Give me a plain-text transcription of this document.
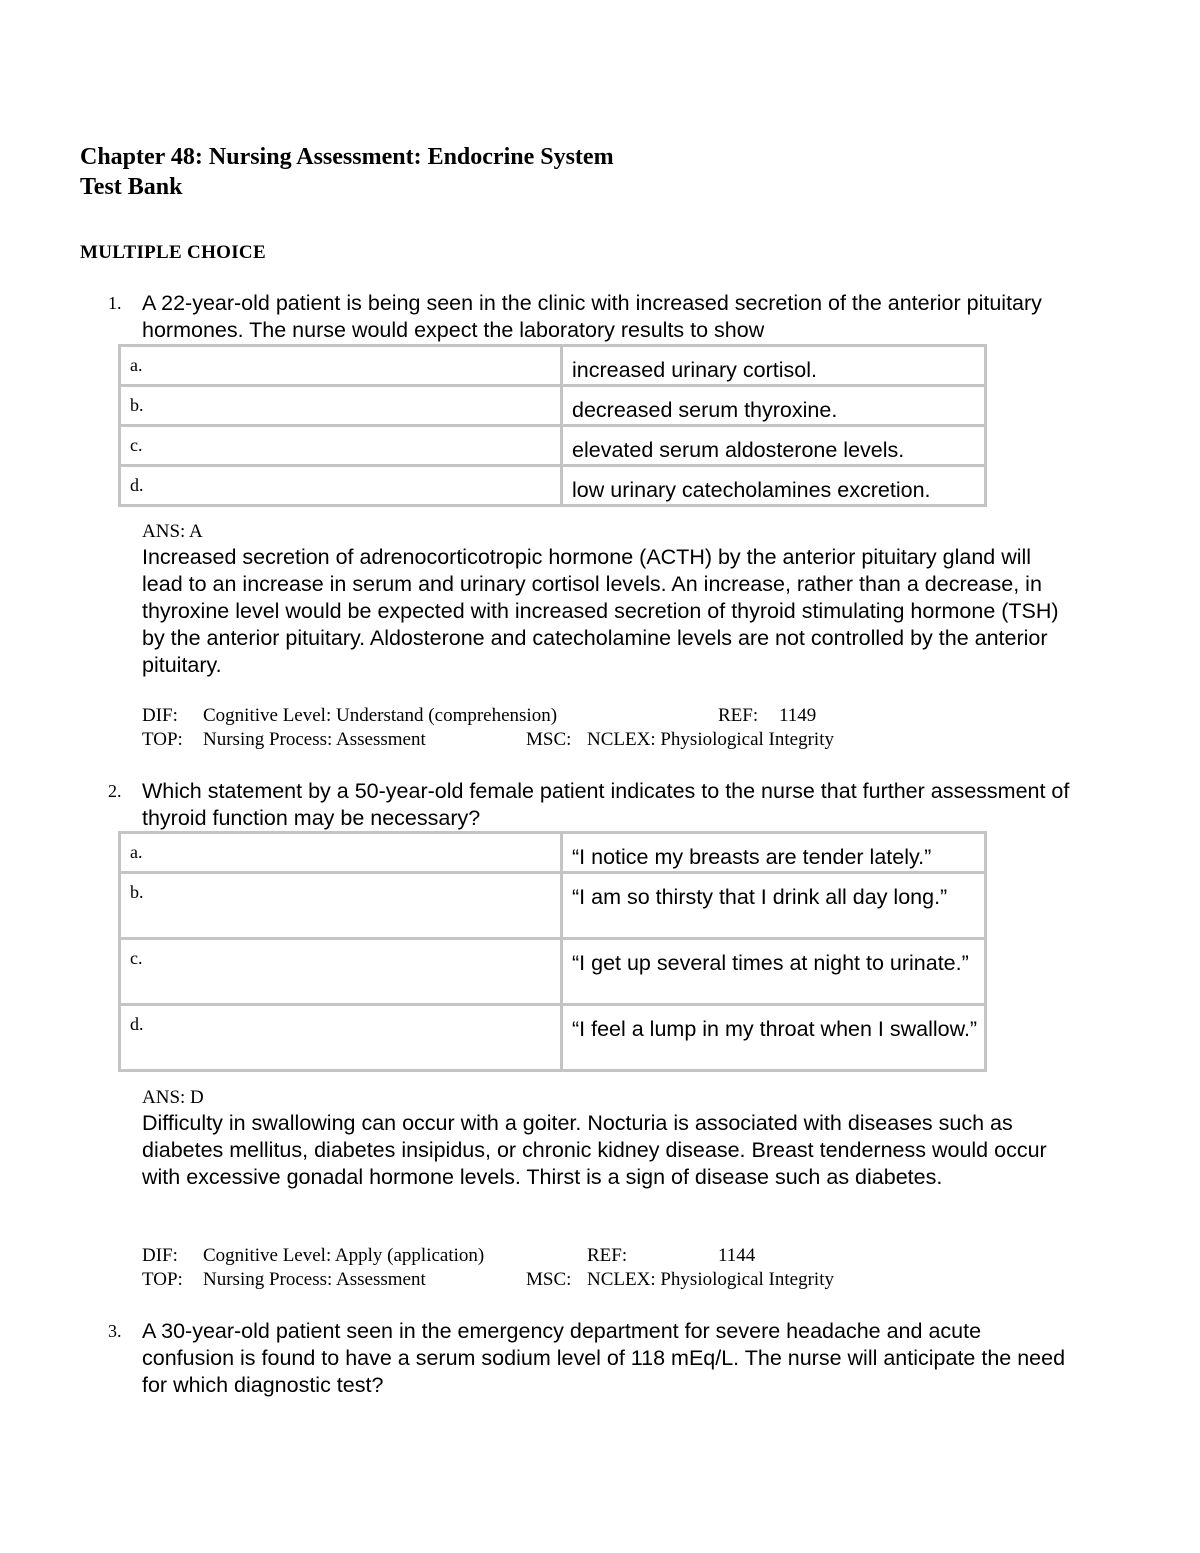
Chapter 48: Nursing Assessment: Endocrine System
Test Bank
MULTIPLE CHOICE
1. A 22-year-old patient is being seen in the clinic with increased secretion of the anterior pituitary hormones. The nurse would expect the laboratory results to show
a.	increased urinary cortisol.
b.	decreased serum thyroxine.
c.	elevated serum aldosterone levels.
d.	low urinary catecholamines excretion.
ANS: A
Increased secretion of adrenocorticotropic hormone (ACTH) by the anterior pituitary gland will lead to an increase in serum and urinary cortisol levels. An increase, rather than a decrease, in thyroxine level would be expected with increased secretion of thyroid stimulating hormone (TSH) by the anterior pituitary. Aldosterone and catecholamine levels are not controlled by the anterior pituitary.
DIF: Cognitive Level: Understand (comprehension)	REF: 1149
TOP: Nursing Process: Assessment	MSC: NCLEX: Physiological Integrity
2. Which statement by a 50-year-old female patient indicates to the nurse that further assessment of thyroid function may be necessary?
a.	“I notice my breasts are tender lately.”
b.	“I am so thirsty that I drink all day long.”
c.	“I get up several times at night to urinate.”
d.	“I feel a lump in my throat when I swallow.”
ANS: D
Difficulty in swallowing can occur with a goiter. Nocturia is associated with diseases such as diabetes mellitus, diabetes insipidus, or chronic kidney disease. Breast tenderness would occur with excessive gonadal hormone levels. Thirst is a sign of disease such as diabetes.
DIF: Cognitive Level: Apply (application)	REF:	1144
TOP: Nursing Process: Assessment	MSC: NCLEX: Physiological Integrity
3. A 30-year-old patient seen in the emergency department for severe headache and acute confusion is found to have a serum sodium level of 118 mEq/L. The nurse will anticipate the need for which diagnostic test?
